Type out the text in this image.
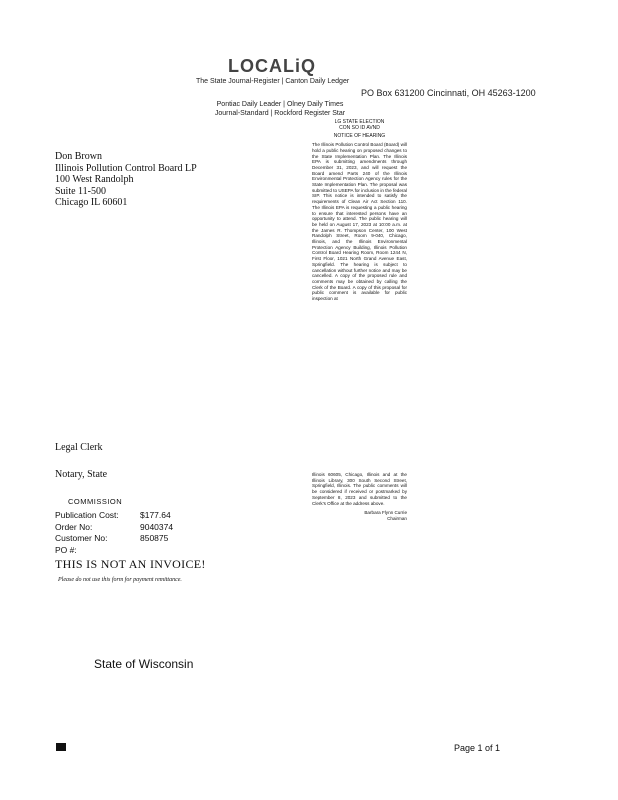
LOCALiQ
The State Journal-Register | Canton Daily Ledger
PO Box 631200 Cincinnati, OH 45263-1200
Pontiac Daily Leader | Olney Daily Times
Journal-Standard | Rockford Register Star
Don Brown
Illinois Pollution Control Board LP
100 West Randolph
Suite 11-500
Chicago IL 60601
LG STATE ELECTION
CON SO ID AVND
NOTICE OF HEARING
The Illinois Pollution Control Board (Board) will hold a public hearing on proposed changes to the State Implementation Plan. The Illinois EPA is submitting amendments through December 31, 2023, and will request the Board amend Parts 240 of the Illinois Environmental Protection Agency rules for the State Implementation Plan. The proposal was submitted to USEPA for inclusion in the federal SIP. This notice is intended to satisfy the requirements of Clean Air Act Section 110. The Illinois EPA is requesting a public hearing to ensure that interested persons have an opportunity to attend. The public hearing will be held on August 17, 2023 at 10:00 a.m. at the James R. Thompson Center, 100 West Randolph Street, Room 9-040, Chicago, Illinois, and the Illinois Environmental Protection Agency Building, Illinois Pollution Control Board Hearing Room, Room 1244 N, First Floor, 1021 North Grand Avenue East, Springfield. The hearing is subject to cancellation without further notice and may be cancelled. A copy of the proposed rule and comments may be obtained by calling the Clerk of the Board. A copy of this proposal for public comment is available for public inspection at
Illinois 60605, Chicago, Illinois and at the Illinois Library, 300 South Second Street, Springfield, Illinois. The public comments will be considered if received or postmarked by September 8, 2023 and submitted to the Clerk's Office at the address above.
Barbara Flynn Currie
Chairman
Legal Clerk
Notary, State
COMMISSION
Publication Cost:	$177.64
Order No:	9040374
Customer No:	850875
PO #:
THIS IS NOT AN INVOICE!
Please do not use this form for payment remittance.
State of Wisconsin
Page 1 of 1
